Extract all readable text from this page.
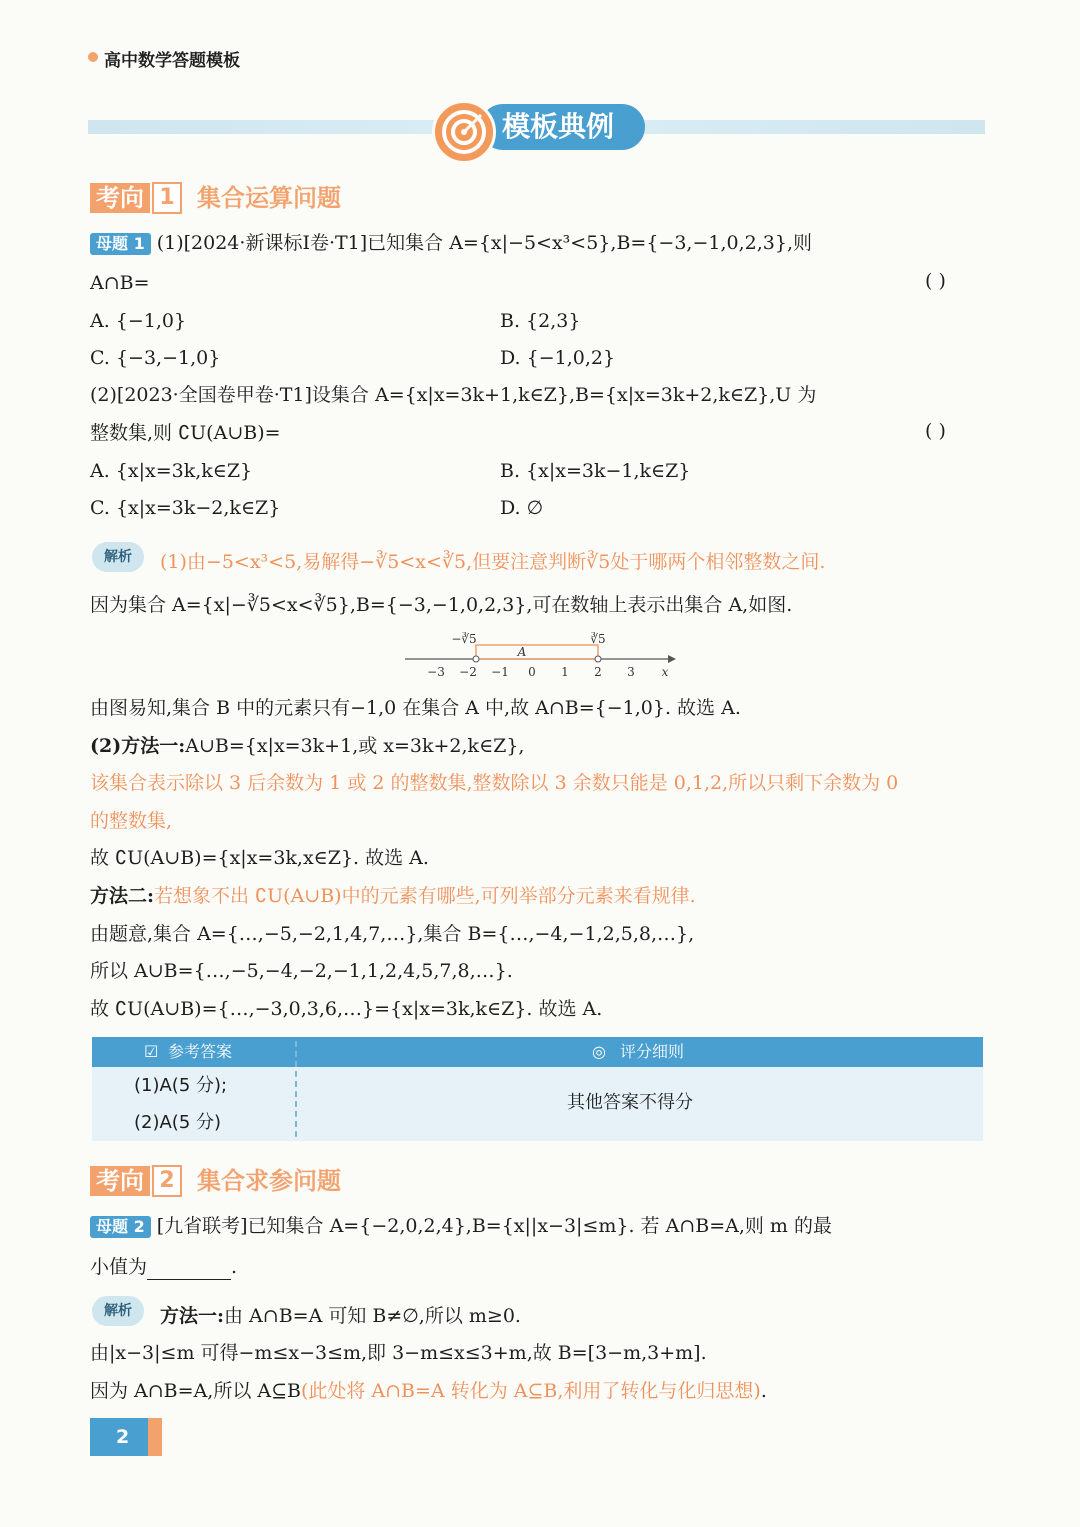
高中数学答题模板
模板典例
考向 1 集合运算问题
母题 1 (1)[2024·新课标Ⅰ卷·T1]已知集合 A={x|−5<x³<5},B={−3,−1,0,2,3},则
A∩B=	( )
A. {−1,0}	B. {2,3}
C. {−3,−1,0}	D. {−1,0,2}
(2)[2023·全国卷甲卷·T1]设集合 A={x|x=3k+1,k∈Z},B={x|x=3k+2,k∈Z},U 为
整数集,则 ∁U(A∪B)=	( )
A. {x|x=3k,k∈Z}	B. {x|x=3k−1,k∈Z}
C. {x|x=3k−2,k∈Z}	D. ∅
解析	(1)由−5<x³<5,易解得−∛5<x<∛5,但要注意判断∛5处于哪两个相邻整数之间.
因为集合 A={x|−∛5<x<∛5},B={−3,−1,0,2,3},可在数轴上表示出集合 A,如图.
−3 −2 −1 0 1 2 3 x
−∛5	∛5
A
由图易知,集合 B 中的元素只有−1,0 在集合 A 中,故 A∩B={−1,0}. 故选 A.
(2)方法一:A∪B={x|x=3k+1,或 x=3k+2,k∈Z},
该集合表示除以 3 后余数为 1 或 2 的整数集,整数除以 3 余数只能是 0,1,2,所以只剩下余数为 0
的整数集,
故 ∁U(A∪B)={x|x=3k,x∈Z}. 故选 A.
方法二:若想象不出 ∁U(A∪B)中的元素有哪些,可列举部分元素来看规律.
由题意,集合 A={…,−5,−2,1,4,7,…},集合 B={…,−4,−1,2,5,8,…},
所以 A∪B={…,−5,−4,−2,−1,1,2,4,5,7,8,…}.
故 ∁U(A∪B)={…,−3,0,3,6,…}={x|x=3k,k∈Z}. 故选 A.
☑ 参考答案	◎ 评分细则
(1)A(5 分);
(2)A(5 分)
其他答案不得分
考向 2 集合求参问题
母题 2 [九省联考]已知集合 A={−2,0,2,4},B={x||x−3|≤m}. 若 A∩B=A,则 m 的最
小值为	.
解析	方法一:由 A∩B=A 可知 B≠∅,所以 m≥0.
由|x−3|≤m 可得−m≤x−3≤m,即 3−m≤x≤3+m,故 B=[3−m,3+m].
因为 A∩B=A,所以 A⊆B(此处将 A∩B=A 转化为 A⊆B,利用了转化与化归思想).
2
